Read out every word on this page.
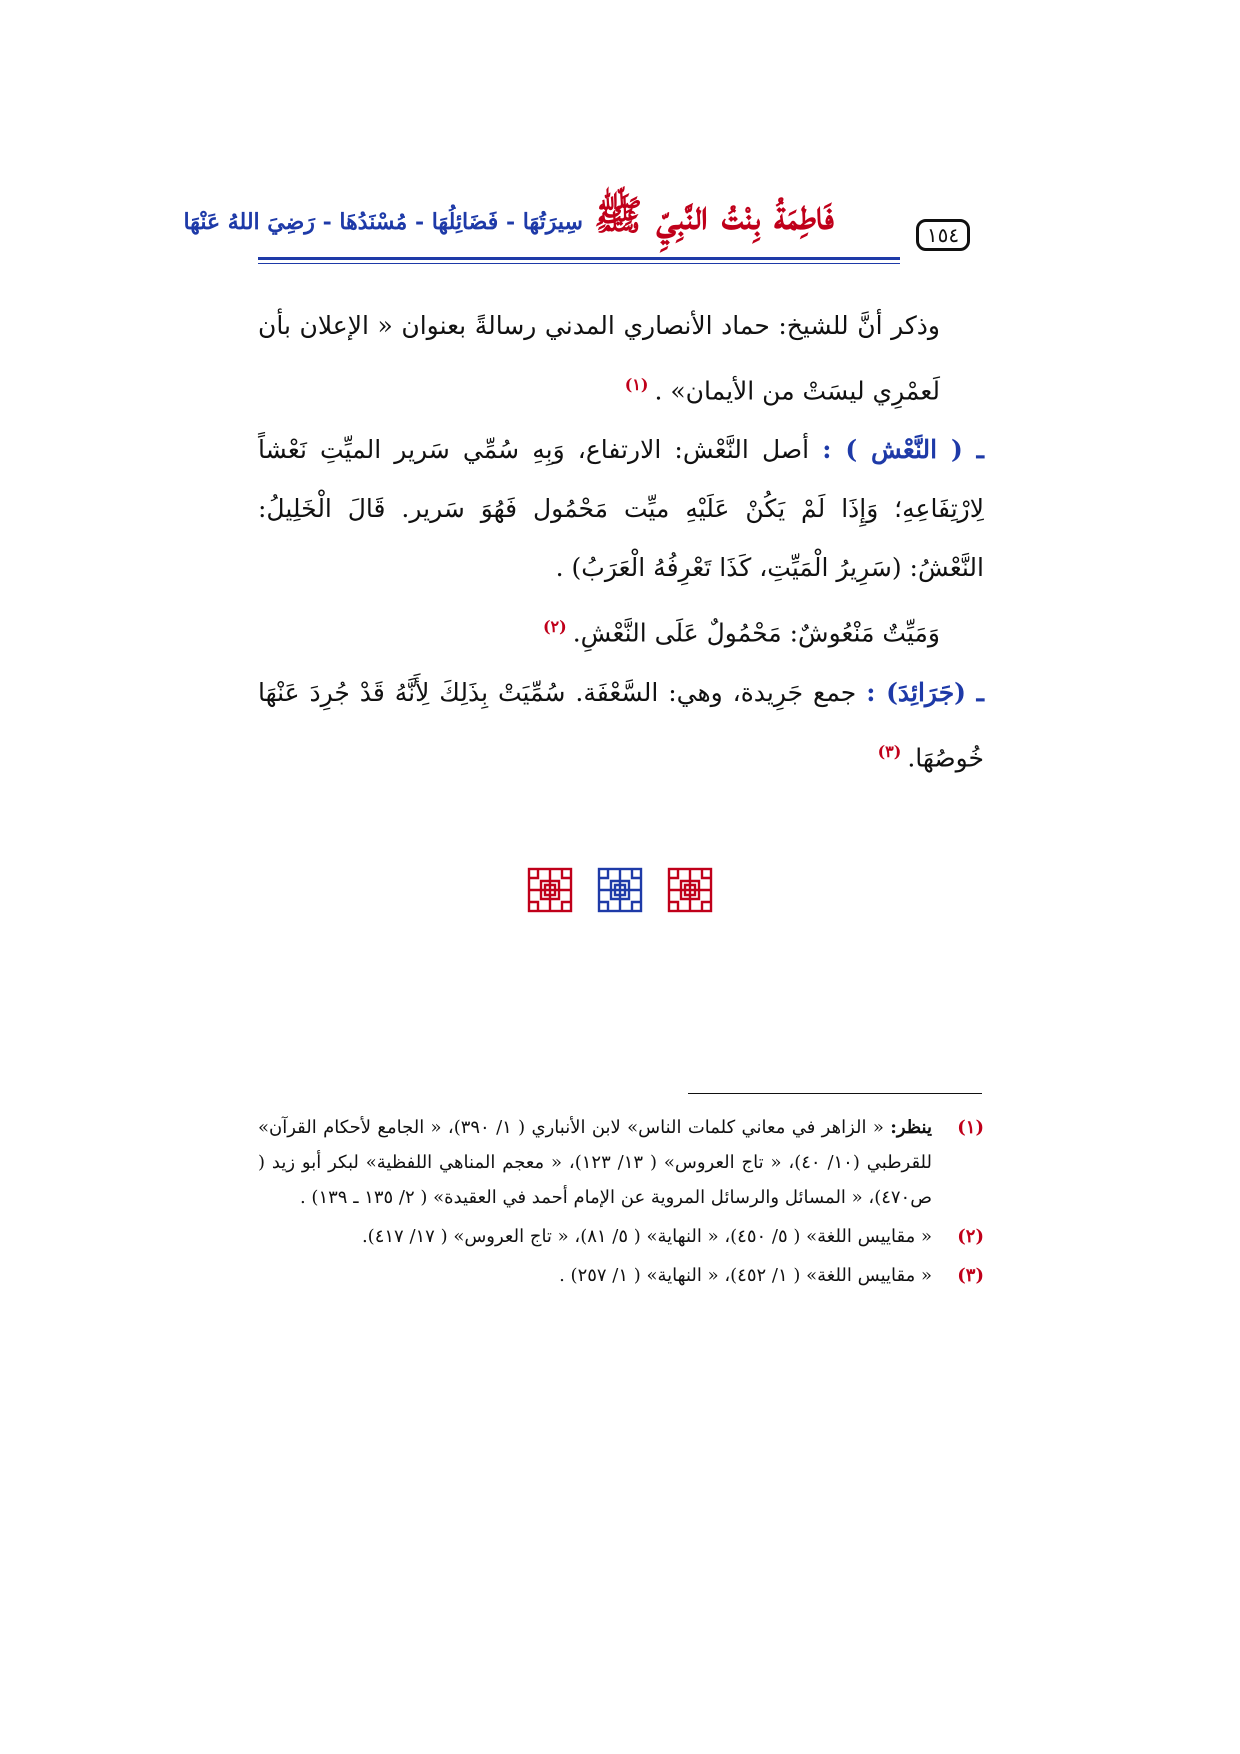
١٥٤
فَاطِمَةُ بِنْتُ النَّبِيِّ ﷺ سِيرَتُهَا - فَضَائِلُهَا - مُسْنَدُهَا - رَضِيَ اللهُ عَنْهَا

وذكر أنَّ للشيخ: حماد الأنصاري المدني رسالةً بعنوان « الإعلان بأن لَعمْرِي ليسَتْ من الأيمان» .$^{(١)}$

ـ ( النَّعْش ) : أصل النَّعْش: الارتفاع، وَبِهِ سُمِّي سَرير الميِّتِ نَعْشاً لِارْتِفَاعِهِ؛ وَإِذَا لَمْ يَكُنْ عَلَيْهِ ميِّت مَحْمُول فَهُوَ سَرير. قَالَ الْخَلِيلُ: النَّعْشُ: (سَرِيرُ الْمَيِّتِ، كَذَا تَعْرِفُهُ الْعَرَبُ) .

وَمَيِّتٌ مَنْعُوشٌ: مَحْمُولٌ عَلَى النَّعْشِ.$^{(٢)}$

ـ (جَرَائِدَ) : جمع جَرِيدة، وهي: السَّعْفَة. سُمِّيَتْ بِذَلِكَ لِأَنَّهُ قَدْ جُرِدَ عَنْهَا خُوصُهَا.$^{(٣)}$

(١)
ينظر: « الزاهر في معاني كلمات الناس» لابن الأنباري ( ١/ ٣٩٠)، « الجامع لأحكام القرآن» للقرطبي (١٠/ ٤٠)، « تاج العروس» ( ١٣/ ١٢٣)، « معجم المناهي اللفظية» لبكر أبو زيد ( ص٤٧٠)، « المسائل والرسائل المروية عن الإمام أحمد في العقيدة» ( ٢/ ١٣٥ ـ ١٣٩) .
(٢)
« مقاييس اللغة» ( ٥/ ٤٥٠)، « النهاية» ( ٥/ ٨١)، « تاج العروس» ( ١٧/ ٤١٧).
(٣)
« مقاييس اللغة» ( ١/ ٤٥٢)، « النهاية» ( ١/ ٢٥٧) .
